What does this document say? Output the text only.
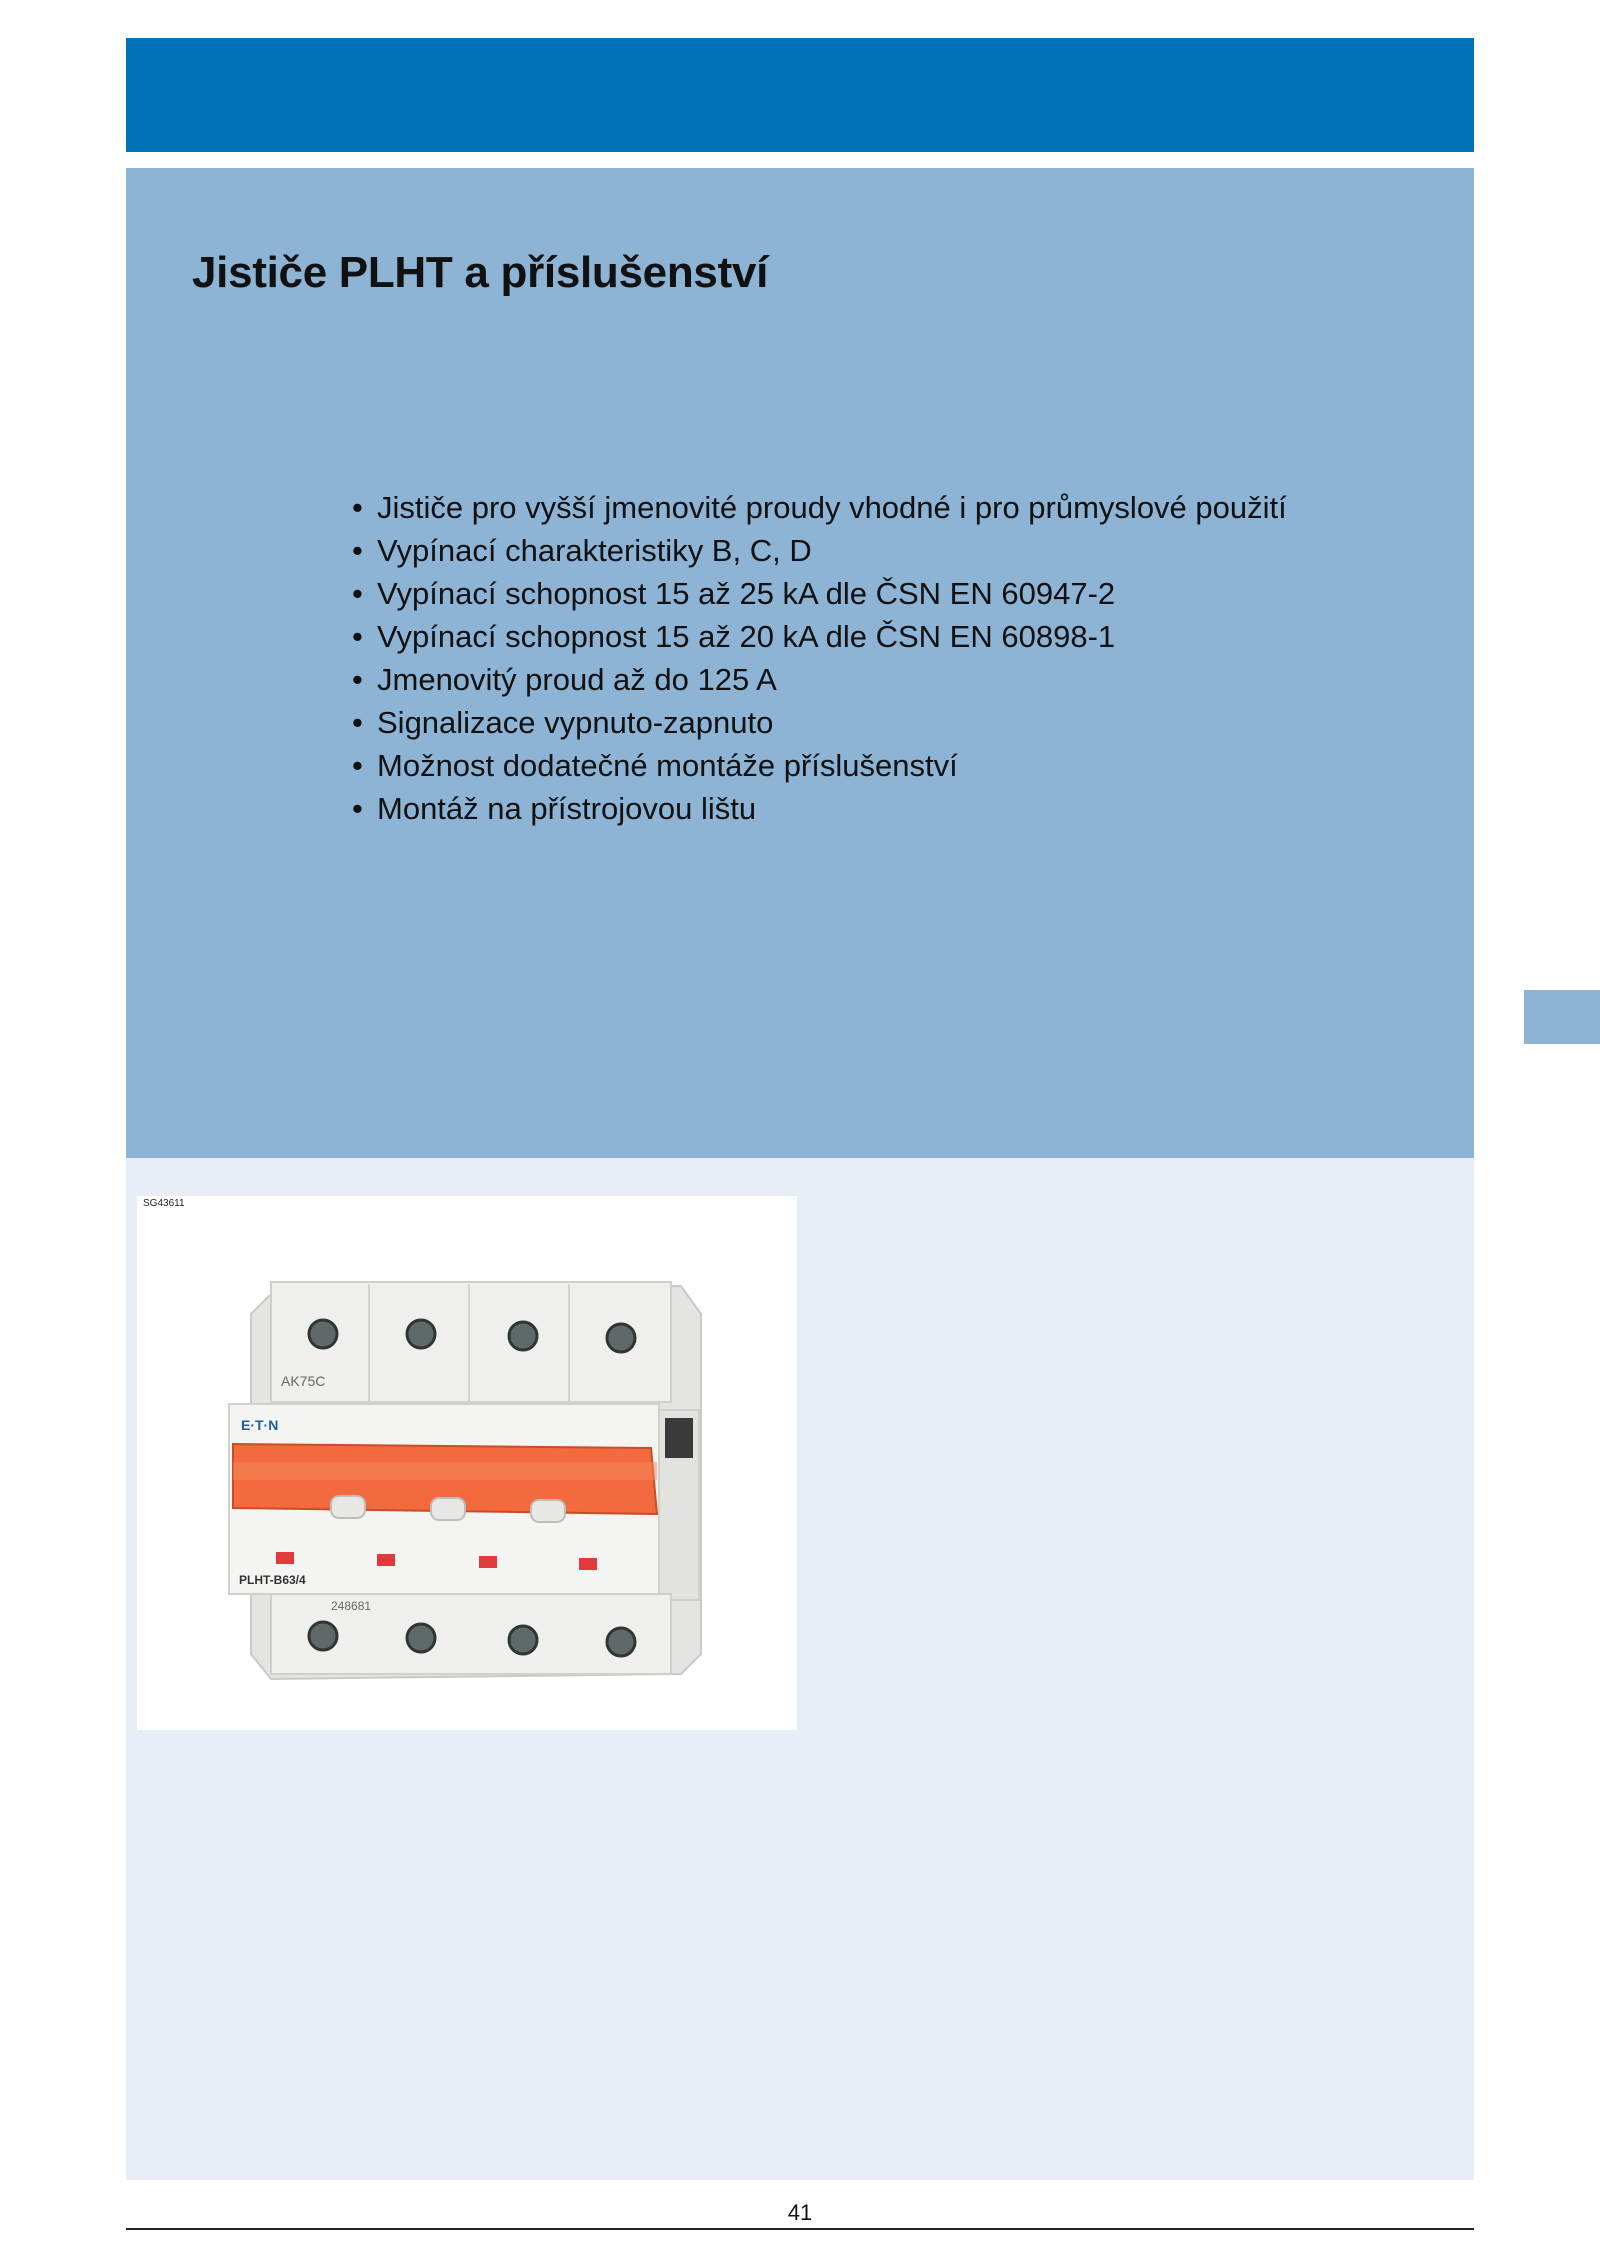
Jističe PLHT a příslušenství
• Jističe pro vyšší jmenovité proudy vhodné i pro průmyslové použití
• Vypínací charakteristiky B, C, D
• Vypínací schopnost 15 až 25 kA dle ČSN EN 60947-2
• Vypínací schopnost 15 až 20 kA dle ČSN EN 60898-1
• Jmenovitý proud až do 125 A
• Signalizace vypnuto-zapnuto
• Možnost dodatečné montáže příslušenství
• Montáž na přístrojovou lištu
SG43611
AK75C
E·T·N
PLHT-B63/4
248681
41
